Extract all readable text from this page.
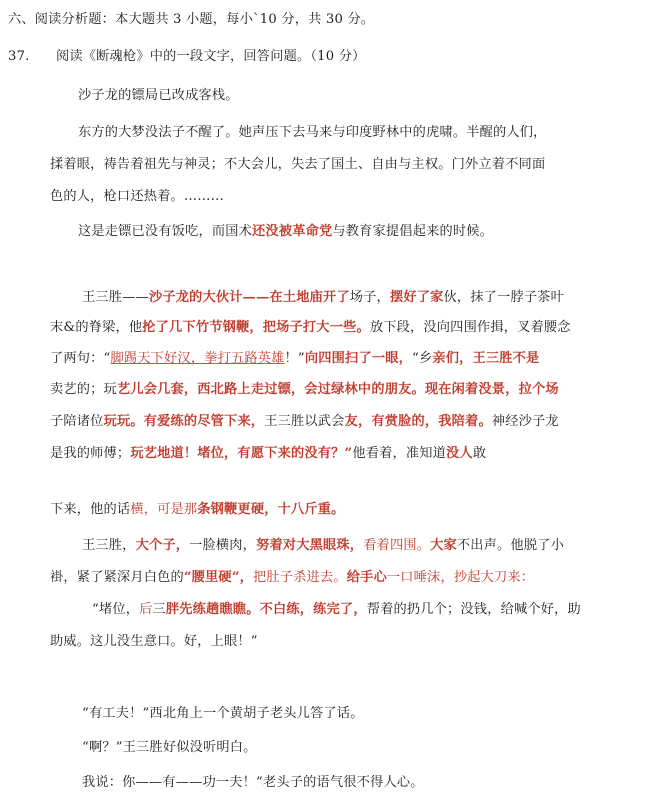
六、阅读分析题：本大题共 3 小题，每小`10 分，共 30 分。
37. 阅读《断魂枪》中的一段文字，回答问题。（10 分）
沙子龙的镖局已改成客栈。
东方的大梦没法子不醒了。她声压下去马来与印度野林中的虎啸。半醒的人们，
揉着眼，祷告着祖先与神灵；不大会儿，失去了国土、自由与主权。门外立着不同面
色的人，枪口还热着。………
这是走镖已没有饭吃，而国术还没被革命党与教育家提倡起来的时候。
王三胜——沙子龙的大伙计——在土地庙开了场子，摆好了家伙，抹了一脖子茶叶
末&的脊梁，他抡了几下竹节钢鞭，把场子打大一些。放下段，没向四围作揖，叉着腰念
了两句：“脚踢天下好汉，拳打五路英雄！”向四围扫了一眼，“乡亲们，王三胜不是
卖艺的；玩艺儿会几套，西北路上走过镖，会过绿林中的朋友。现在闲着没景，拉个场
子陪诸位玩玩。有爱练的尽管下来，王三胜以武会友，有赏脸的，我陪着。神经沙子龙
是我的师傅；玩艺地道！堵位，有愿下来的没有？”他看着，准知道没人敢
下来，他的话横，可是那条钢鞭更硬，十八斤重。
王三胜，大个子，一脸横肉，努着对大黑眼珠，看着四围。大家不出声。他脱了小
褂，紧了紧深月白色的“腰里硬”，把肚子杀进去。给手心一口唾沫，抄起大刀来：
“堵位，后三胖先练趟瞧瞧。不白练，练完了，帮着的扔几个；没钱，给喊个好，助
助威。这儿没生意口。好，上眼！”
“有工夫！”西北角上一个黄胡子老头儿答了话。
“啊？”王三胜好似没听明白。
我说：你——有——功一夫！”老头子的语气很不得人心。
